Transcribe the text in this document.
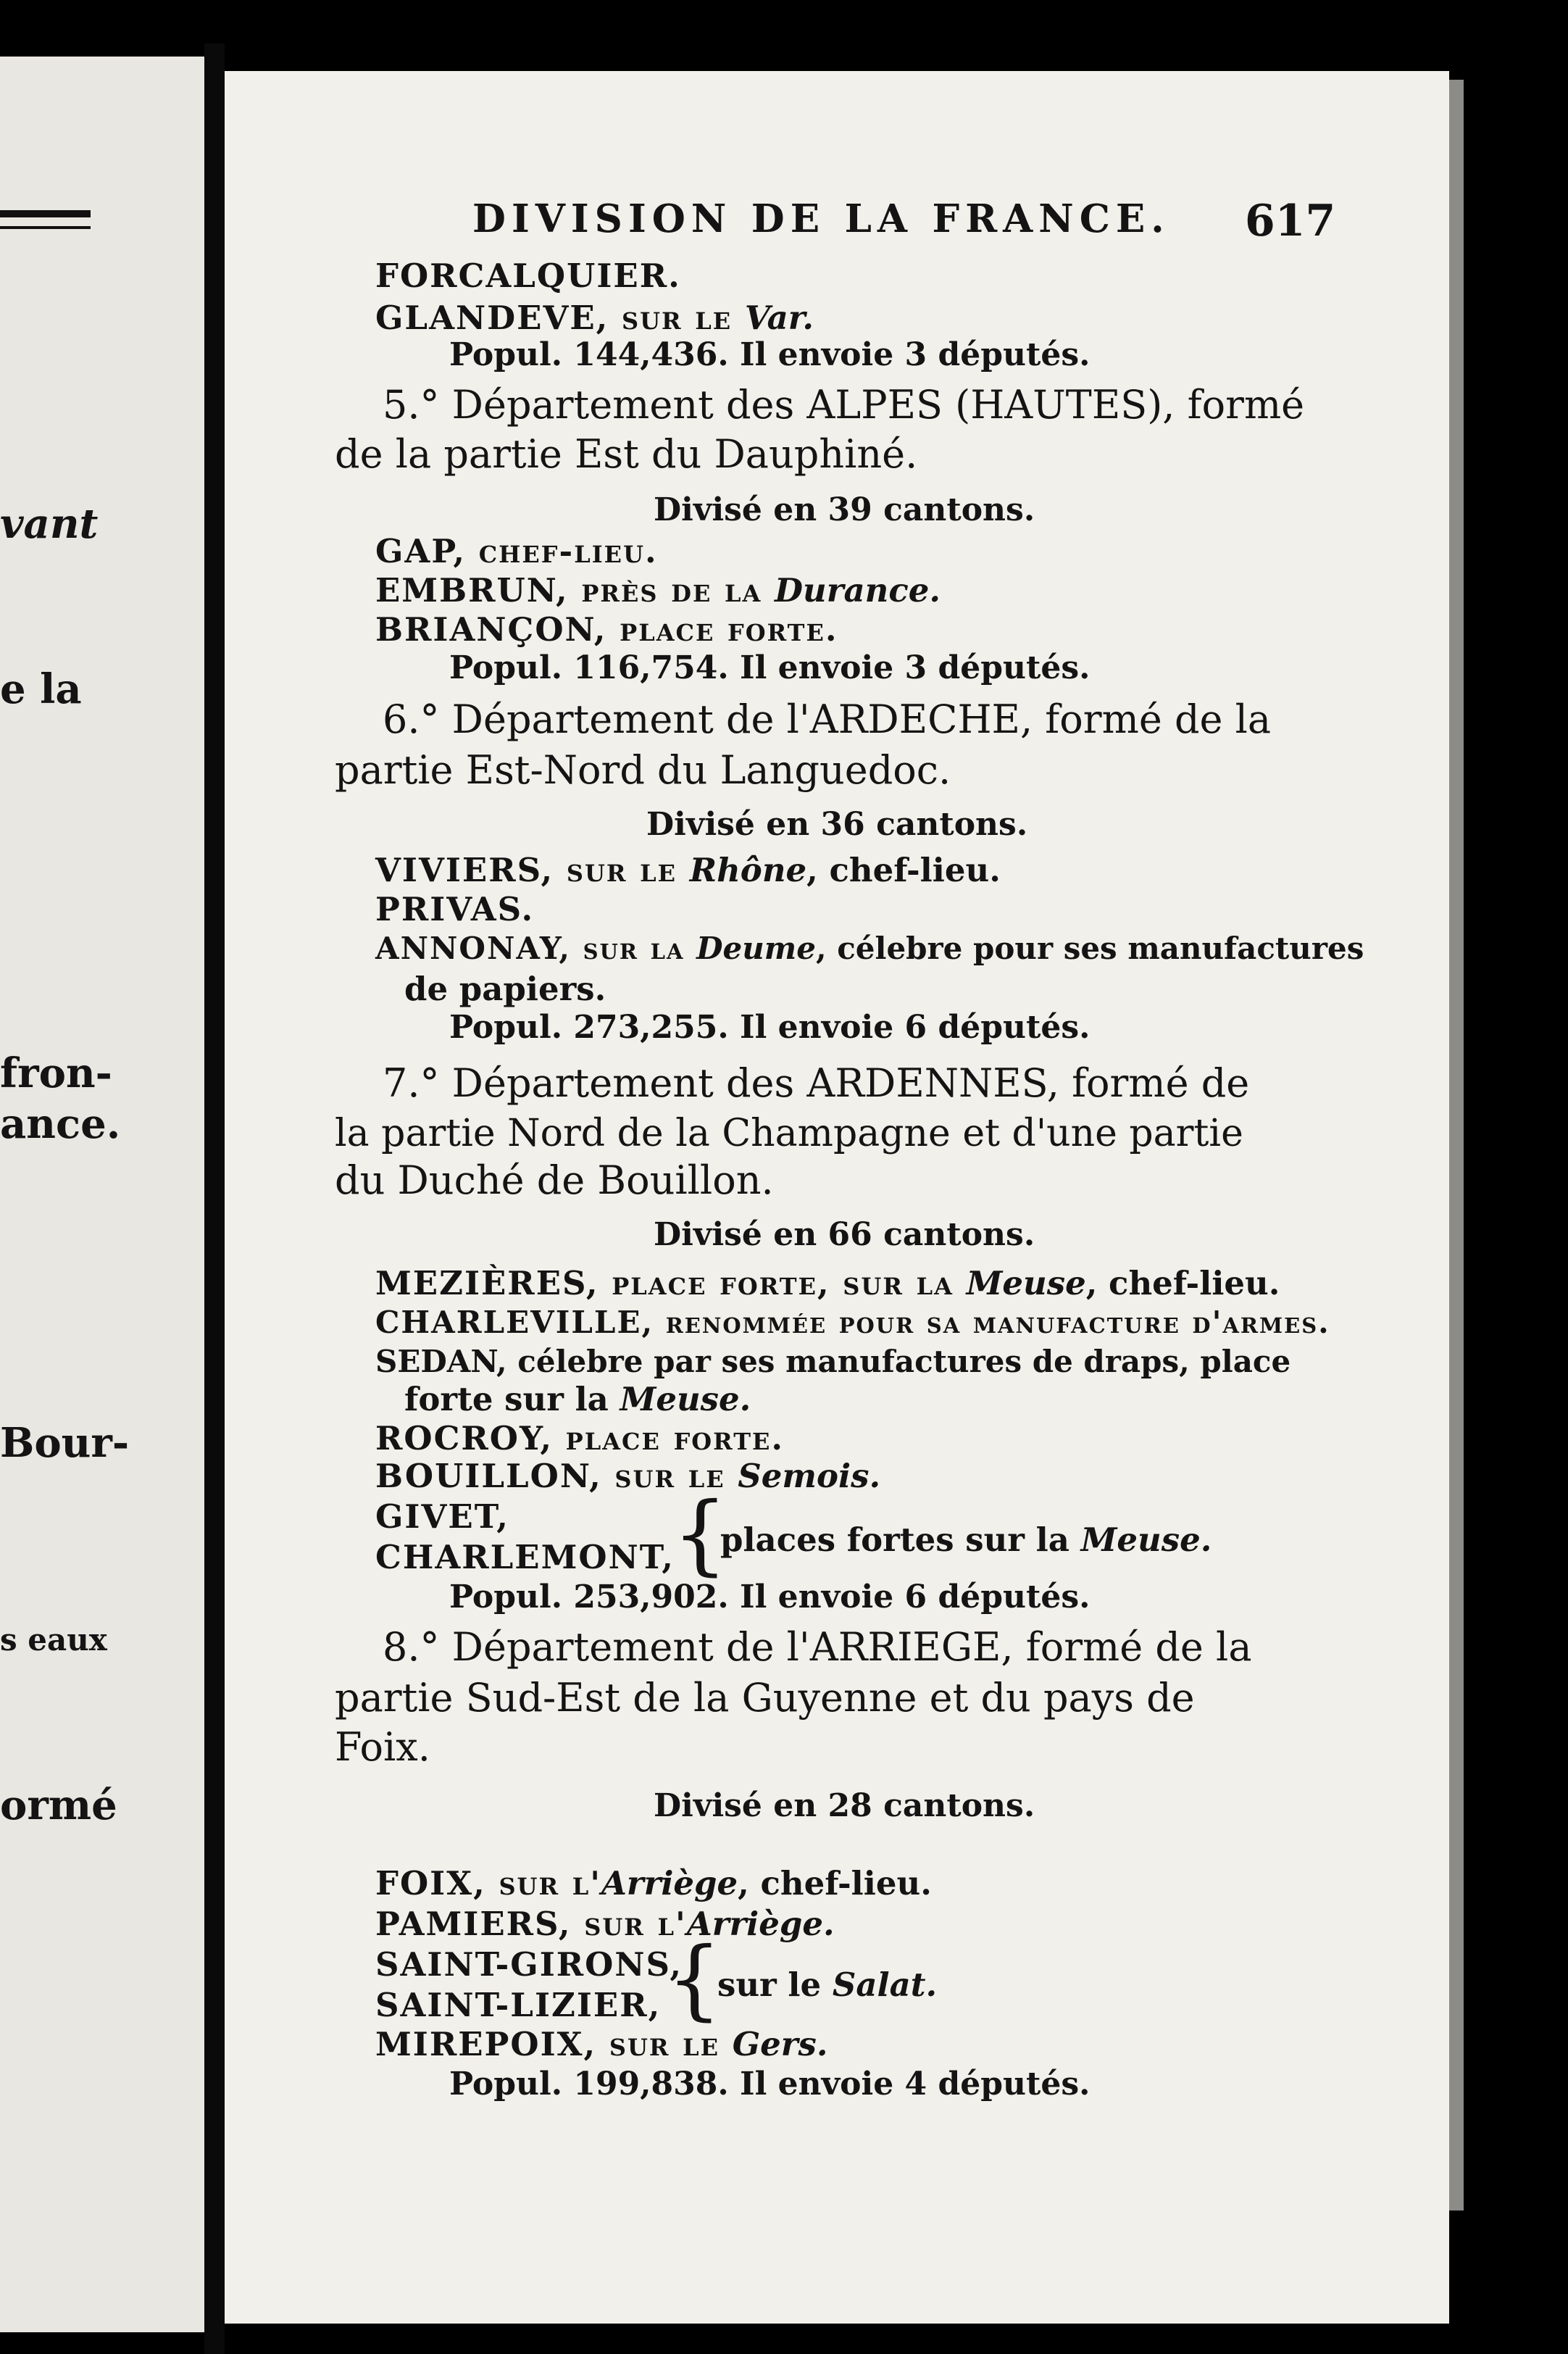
vant
e la
fron-
ance.
Bour-
s eaux
ormé
DIVISION DE LA FRANCE. 617
FORCALQUIER.
GLANDEVE, sur le Var.
Popul. 144,436. Il envoie 3 députés.
5.° Département des ALPES (HAUTES), formé
de la partie Est du Dauphiné.
Divisé en 39 cantons.
GAP, chef-lieu.
EMBRUN, près de la Durance.
BRIANÇON, place forte.
Popul. 116,754. Il envoie 3 députés.
6.° Département de l'ARDECHE, formé de la
partie Est-Nord du Languedoc.
Divisé en 36 cantons.
VIVIERS, sur le Rhône, chef-lieu.
PRIVAS.
ANNONAY, sur la Deume, célebre pour ses manufactures
de papiers.
Popul. 273,255. Il envoie 6 députés.
7.° Département des ARDENNES, formé de
la partie Nord de la Champagne et d'une partie
du Duché de Bouillon.
Divisé en 66 cantons.
MEZIÈRES, place forte, sur la Meuse, chef-lieu.
CHARLEVILLE, renommée pour sa manufacture d'armes.
SEDAN, célebre par ses manufactures de draps, place
forte sur la Meuse.
ROCROY, place forte.
BOUILLON, sur le Semois.
GIVET,
CHARLEMONT,
{
places fortes sur la Meuse.
Popul. 253,902. Il envoie 6 députés.
8.° Département de l'ARRIEGE, formé de la
partie Sud-Est de la Guyenne et du pays de
Foix.
Divisé en 28 cantons.
FOIX, sur l'Arriège, chef-lieu.
PAMIERS, sur l'Arriège.
SAINT-GIRONS,
SAINT-LIZIER, {
sur le Salat.
MIREPOIX, sur le Gers.
Popul. 199,838. Il envoie 4 députés.
